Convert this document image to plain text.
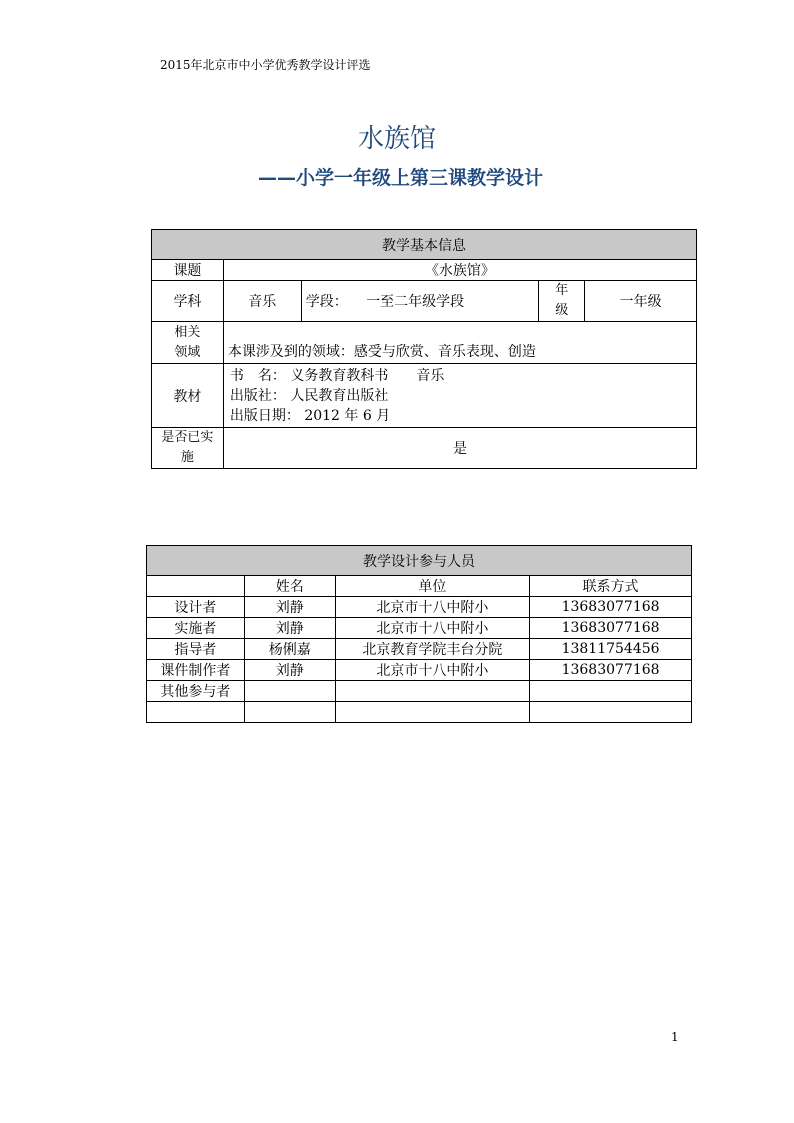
2015年北京市中小学优秀教学设计评选
水族馆
——小学一年级上第三课教学设计
教学基本信息				
课题	《水族馆》			
学科	音乐	学段： 一至二年级学段	年
级	一年级

相关
领域	本课涉及到的领域：感受与欣赏、音乐表现、创造			
教材	书　名： 义务教育教科书　　音乐
出版社： 人民教育出版社
出版日期： 2012 年 6 月			

是否已实
施	是			
教学设计参与人员			
	姓名	单位	联系方式
设计者	刘静	北京市十八中附小	13683077168
实施者	刘静	北京市十八中附小	13683077168
指导者	杨俐嘉	北京教育学院丰台分院	13811754456
课件制作者	刘静	北京市十八中附小	13683077168
其他参与者			

1
